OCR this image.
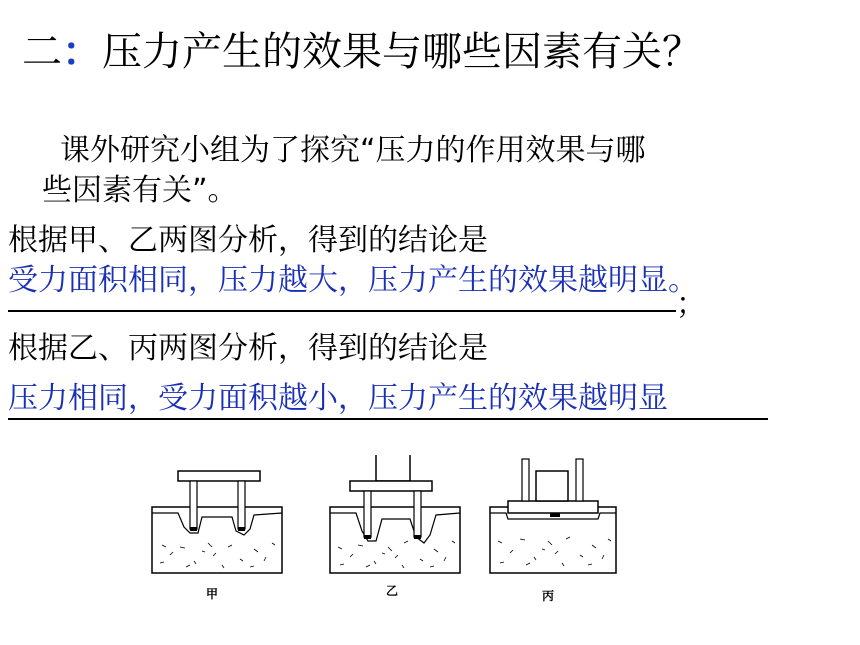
二：压力产生的效果与哪些因素有关？
课外研究小组为了探究“压力的作用效果与哪
些因素有关”。
根据甲、乙两图分析，得到的结论是
受力面积相同，压力越大，压力产生的效果越明显。
；
根据乙、丙两图分析，得到的结论是
压力相同，受力面积越小，压力产生的效果越明显
甲	乙	丙
